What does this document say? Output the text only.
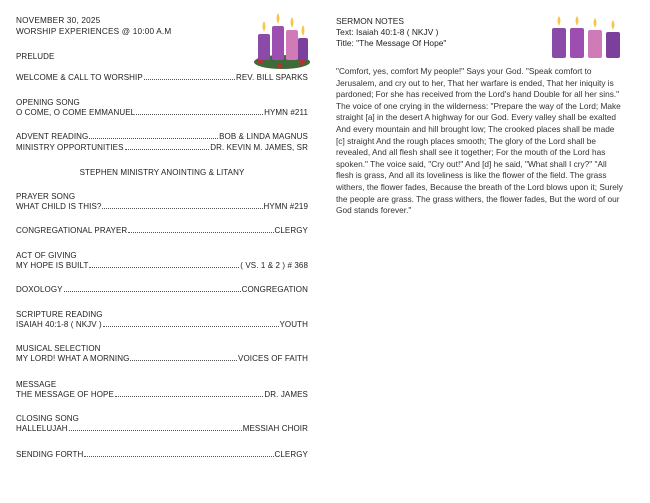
NOVEMBER 30, 2025
WORSHIP EXPERIENCES @ 10:00 A.M
PRELUDE
WELCOME & CALL TO WORSHIP	REV. BILL SPARKS
OPENING SONG
O COME, O COME EMMANUEL	HYMN #211
ADVENT READING	BOB & LINDA MAGNUS
MINISTRY OPPORTUNITIES	DR. KEVIN M. JAMES, SR
STEPHEN MINISTRY ANOINTING & LITANY
PRAYER SONG
WHAT CHILD IS THIS?	HYMN #219
CONGREGATIONAL PRAYER	CLERGY
ACT OF GIVING
MY HOPE IS BUILT	( VS. 1 & 2 ) # 368
DOXOLOGY	CONGREGATION
SCRIPTURE READING
ISAIAH 40:1-8 ( NKJV )	YOUTH
MUSICAL SELECTION
MY LORD! WHAT A MORNING	VOICES OF FAITH
MESSAGE
THE MESSAGE OF HOPE	DR. JAMES
CLOSING SONG
HALLELUJAH	MESSIAH CHOIR
SENDING FORTH	CLERGY
SERMON NOTES
Text: Isaiah 40:1-8 ( NKJV )
Title: "The Message Of Hope"
"Comfort, yes, comfort My people!" Says your God. "Speak comfort to Jerusalem, and cry out to her, That her warfare is ended, That her iniquity is pardoned; For she has received from the Lord's hand Double for all her sins." The voice of one crying in the wilderness: "Prepare the way of the Lord; Make straight [a] in the desert A highway for our God. Every valley shall be exalted And every mountain and hill brought low; The crooked places shall be made [c] straight And the rough places smooth; The glory of the Lord shall be revealed, And all flesh shall see it together; For the mouth of the Lord has spoken." The voice said, "Cry out!" And [d] he said, "What shall I cry?" "All flesh is grass, And all its loveliness is like the flower of the field. The grass withers, the flower fades, Because the breath of the Lord blows upon it; Surely the people are grass. The grass withers, the flower fades, But the word of our God stands forever."
